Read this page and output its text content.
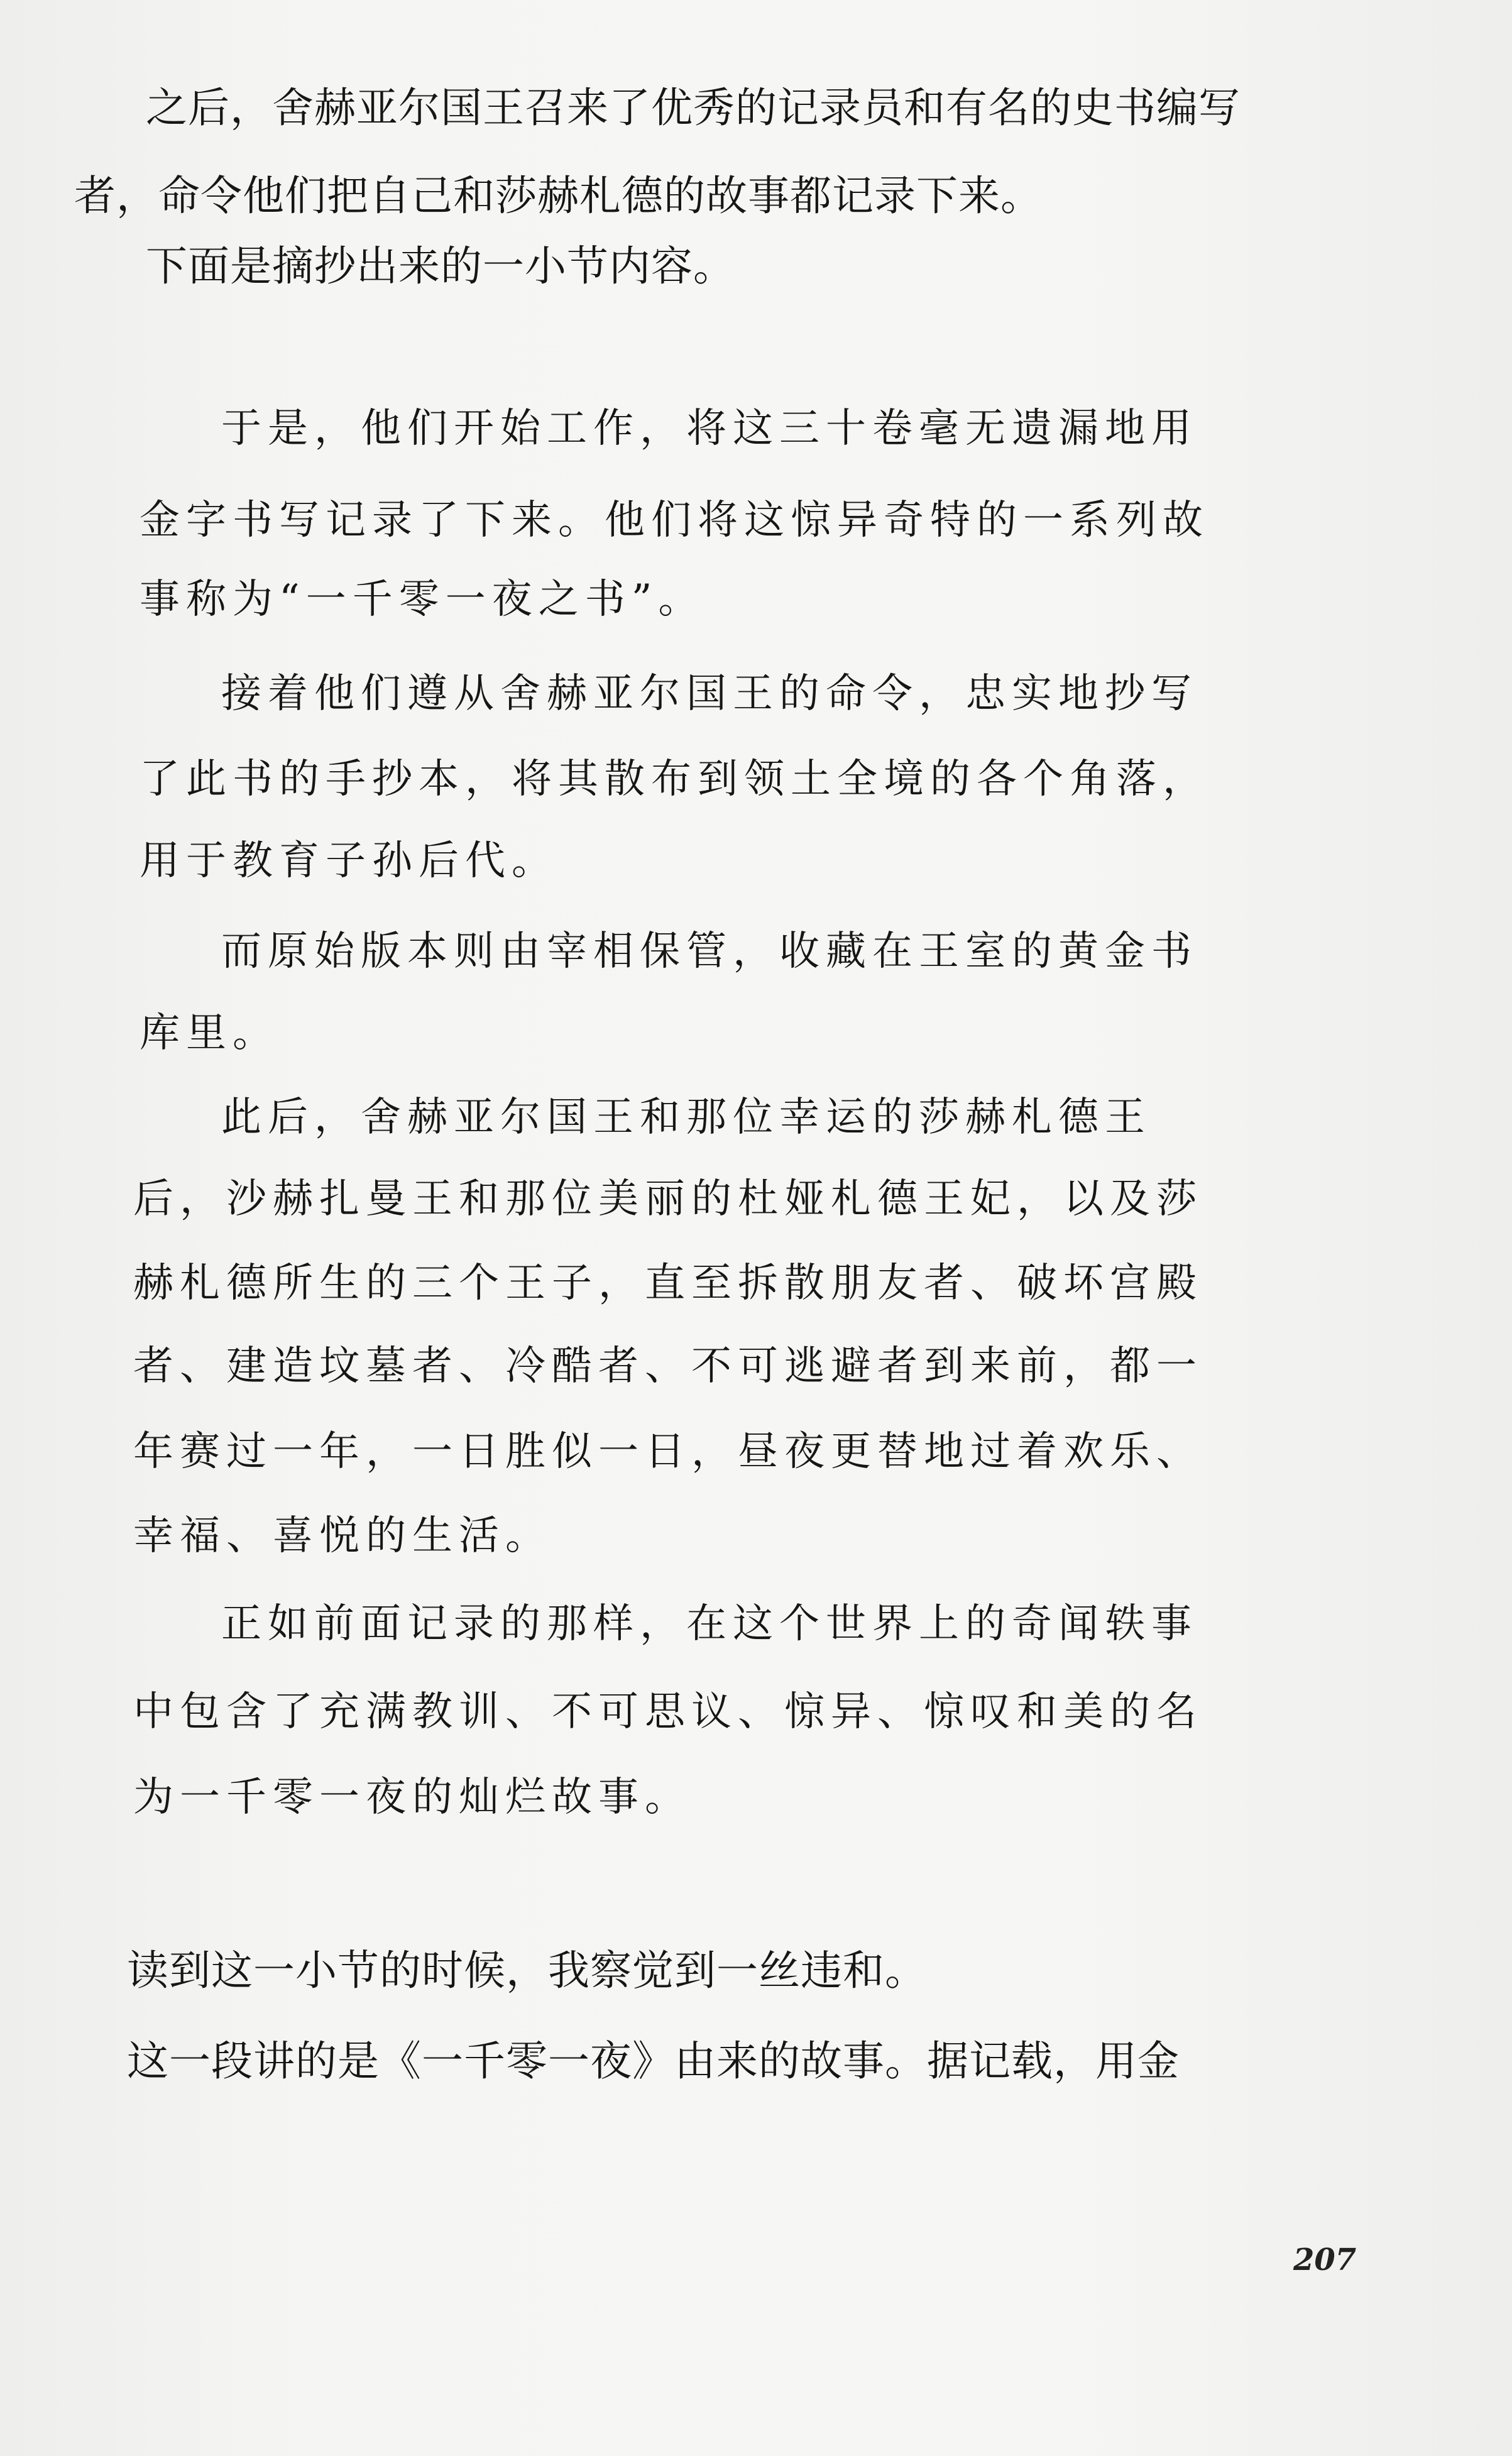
之后，舍赫亚尔国王召来了优秀的记录员和有名的史书编写

者，命令他们把自己和莎赫札德的故事都记录下来。

下面是摘抄出来的一小节内容。

于是，他们开始工作，将这三十卷毫无遗漏地用

金字书写记录了下来。他们将这惊异奇特的一系列故

事称为“一千零一夜之书”。

接着他们遵从舍赫亚尔国王的命令，忠实地抄写

了此书的手抄本，将其散布到领土全境的各个角落，

用于教育子孙后代。

而原始版本则由宰相保管，收藏在王室的黄金书

库里。

此后，舍赫亚尔国王和那位幸运的莎赫札德王

后，沙赫扎曼王和那位美丽的杜娅札德王妃，以及莎

赫札德所生的三个王子，直至拆散朋友者、破坏宫殿

者、建造坟墓者、冷酷者、不可逃避者到来前，都一

年赛过一年，一日胜似一日，昼夜更替地过着欢乐、

幸福、喜悦的生活。

正如前面记录的那样，在这个世界上的奇闻轶事

中包含了充满教训、不可思议、惊异、惊叹和美的名

为一千零一夜的灿烂故事。

读到这一小节的时候，我察觉到一丝违和。

这一段讲的是《一千零一夜》由来的故事。据记载，用金

207
